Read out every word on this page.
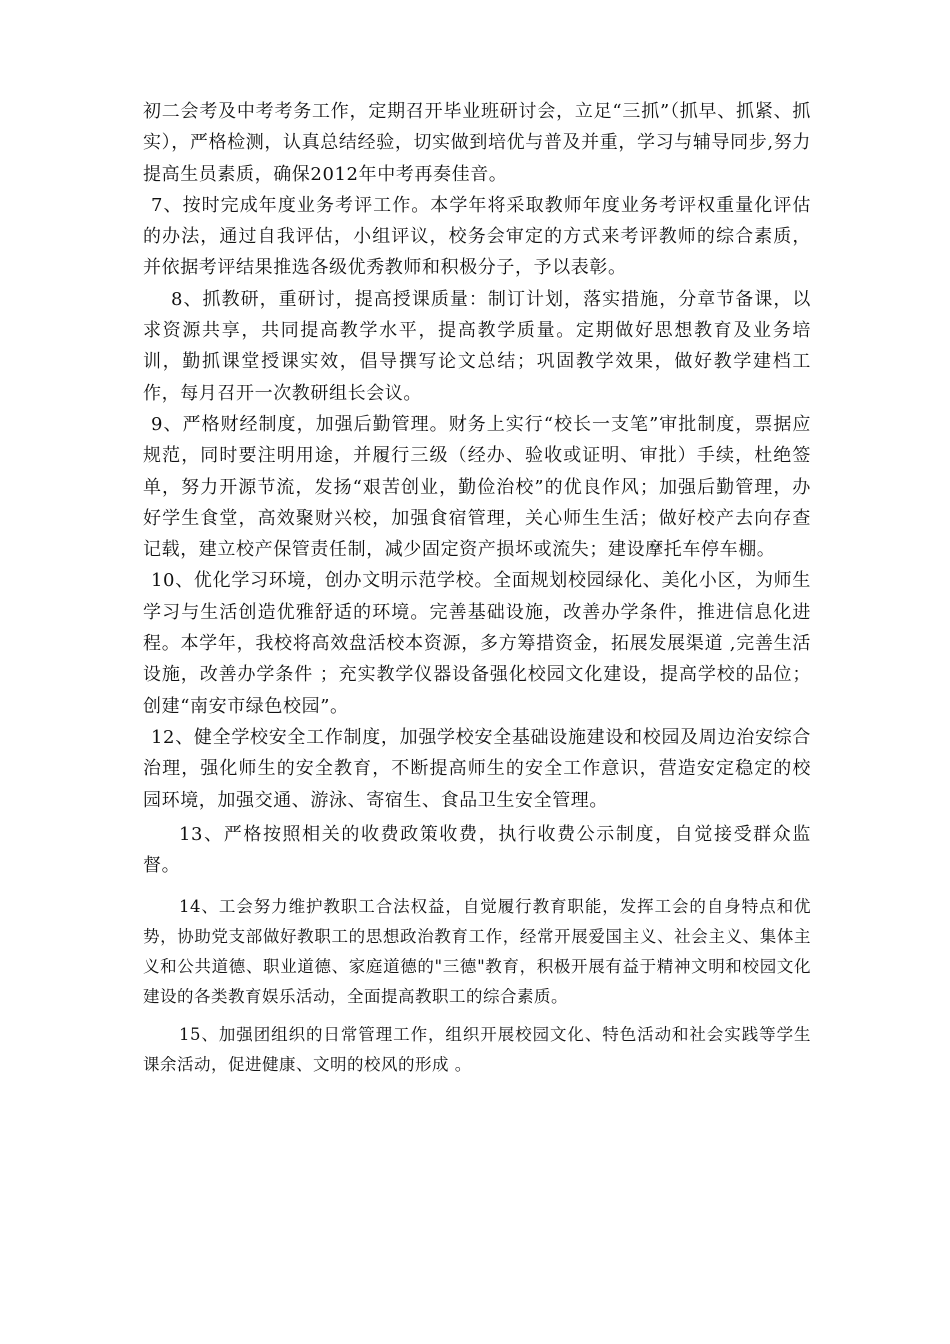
初二会考及中考考务工作，定期召开毕业班研讨会，立足“三抓”（抓早、抓紧、抓实），严格检测，认真总结经验，切实做到培优与普及并重，学习与辅导同步,努力提高生员素质，确保2012年中考再奏佳音。

7、按时完成年度业务考评工作。本学年将采取教师年度业务考评权重量化评估的办法，通过自我评估，小组评议，校务会审定的方式来考评教师的综合素质，并依据考评结果推选各级优秀教师和积极分子，予以表彰。

8、抓教研，重研讨，提高授课质量：制订计划，落实措施，分章节备课，以求资源共享，共同提高教学水平，提高教学质量。定期做好思想教育及业务培训，勤抓课堂授课实效，倡导撰写论文总结；巩固教学效果，做好教学建档工作，每月召开一次教研组长会议。

9、严格财经制度，加强后勤管理。财务上实行“校长一支笔”审批制度，票据应规范，同时要注明用途，并履行三级（经办、验收或证明、审批）手续，杜绝签单，努力开源节流，发扬“艰苦创业，勤俭治校”的优良作风；加强后勤管理，办好学生食堂，高效聚财兴校，加强食宿管理，关心师生生活；做好校产去向存查记载，建立校产保管责任制，减少固定资产损坏或流失；建设摩托车停车棚。

10、优化学习环境，创办文明示范学校。全面规划校园绿化、美化小区，为师生学习与生活创造优雅舒适的环境。完善基础设施，改善办学条件，推进信息化进程。本学年，我校将高效盘活校本资源，多方筹措资金，拓展发展渠道 ,完善生活设施，改善办学条件 ；充实教学仪器设备强化校园文化建设，提高学校的品位；创建“南安市绿色校园”。

12、健全学校安全工作制度，加强学校安全基础设施建设和校园及周边治安综合治理，强化师生的安全教育，不断提高师生的安全工作意识，营造安定稳定的校园环境，加强交通、游泳、寄宿生、食品卫生安全管理。

13、严格按照相关的收费政策收费，执行收费公示制度，自觉接受群众监督。

14、工会努力维护教职工合法权益，自觉履行教育职能，发挥工会的自身特点和优势，协助党支部做好教职工的思想政治教育工作，经常开展爱国主义、社会主义、集体主义和公共道德、职业道德、家庭道德的"三德"教育，积极开展有益于精神文明和校园文化建设的各类教育娱乐活动，全面提高教职工的综合素质。

15、加强团组织的日常管理工作，组织开展校园文化、特色活动和社会实践等学生课余活动，促进健康、文明的校风的形成 。
